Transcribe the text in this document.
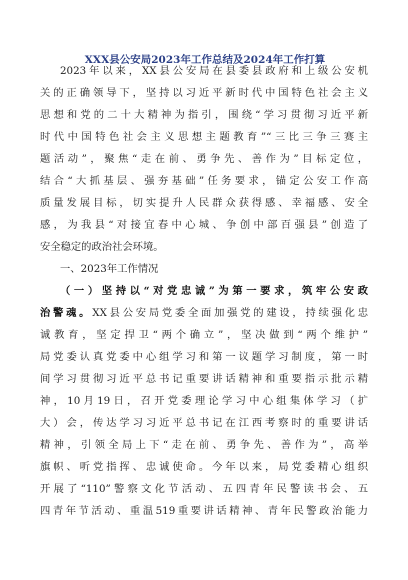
XXX县公安局2023年工作总结及2024年工作打算
2023年以来，XX县公安局在县委县政府和上级公安机
关的正确领导下，坚持以习近平新时代中国特色社会主义
思想和党的二十大精神为指引，围绕“学习贯彻习近平新
时代中国特色社会主义思想主题教育”“三比三争三赛主
题活动”，聚焦“走在前、勇争先、善作为”目标定位，
结合“大抓基层、强夯基础”任务要求，锚定公安工作高
质量发展目标，切实提升人民群众获得感、幸福感、安全
感，为我县“对接宜春中心城、争创中部百强县”创造了
安全稳定的政治社会环境。
一、2023年工作情况
（一）坚持以“对党忠诚”为第一要求，筑牢公安政
治警魂。XX县公安局党委全面加强党的建设，持续强化忠
诚教育，坚定捍卫“两个确立”，坚决做到“两个维护”
局党委认真党委中心组学习和第一议题学习制度，第一时
间学习贯彻习近平总书记重要讲话精神和重要指示批示精
神，10月19日，召开党委理论学习中心组集体学习（扩
大）会，传达学习习近平总书记在江西考察时的重要讲话
精神，引领全局上下“走在前、勇争先、善作为”，高举
旗帜、听党指挥、忠诚使命。今年以来，局党委精心组织
开展了“110”警察文化节活动、五四青年民警读书会、五
四青年节活动、重温519重要讲话精神、青年民警政治能力
